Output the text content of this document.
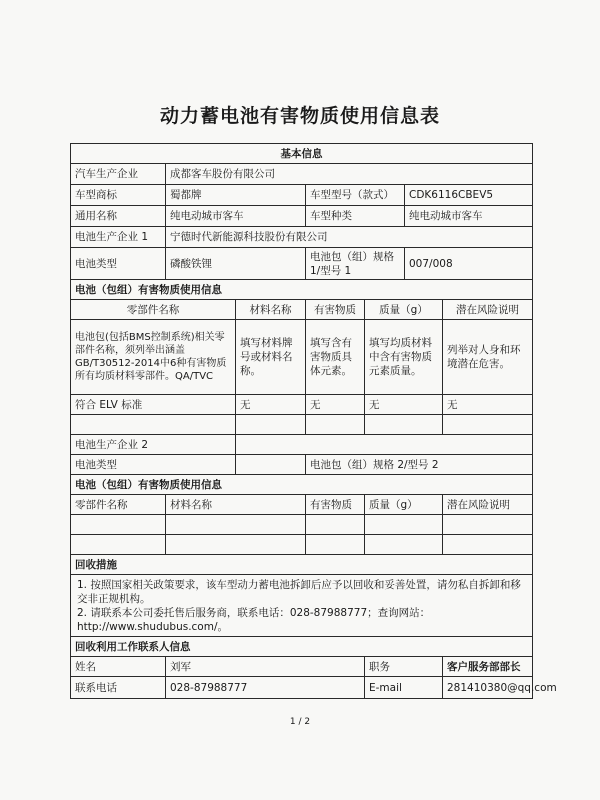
动力蓄电池有害物质使用信息表
基本信息						
汽车生产企业	成都客车股份有限公司					
车型商标	蜀都牌		车型型号（款式）		CDK6116CBEV5	
通用名称	纯电动城市客车		车型种类		纯电动城市客车	
电池生产企业 1	宁德时代新能源科技股份有限公司					
电池类型	磷酸铁锂		电池包（组）规格1/型号 1		007/008	
电池（包组）有害物质使用信息						
零部件名称		材料名称	有害物质	质量（g）		潜在风险说明
电池包(包括BMS控制系统)相关零部件名称，须列举出涵盖GB/T30512-2014中6种有害物质所有均质材料零部件。QA/TVC		填写材料牌号或材料名称。	填写含有害物质具体元素。	填写均质材料中含有害物质元素质量。		列举对人身和环境潜在危害。
符合 ELV 标准		无	无	无		无

电池生产企业 2						
电池类型			电池包（组）规格 2/型号 2			
电池（包组）有害物质使用信息						
零部件名称	材料名称		有害物质	质量（g）		潜在风险说明

回收措施						

1. 按照国家相关政策要求，该车型动力蓄电池拆卸后应予以回收和妥善处置，请勿私自拆卸和移交非正规机构。
2. 请联系本公司委托售后服务商，联系电话：028-87988777；查询网站：http://www.shudubus.com/。						

回收利用工作联系人信息						
姓名	刘军			职务		客户服务部部长
联系电话	028-87988777			E-mail		281410380@qq.com
1 / 2
